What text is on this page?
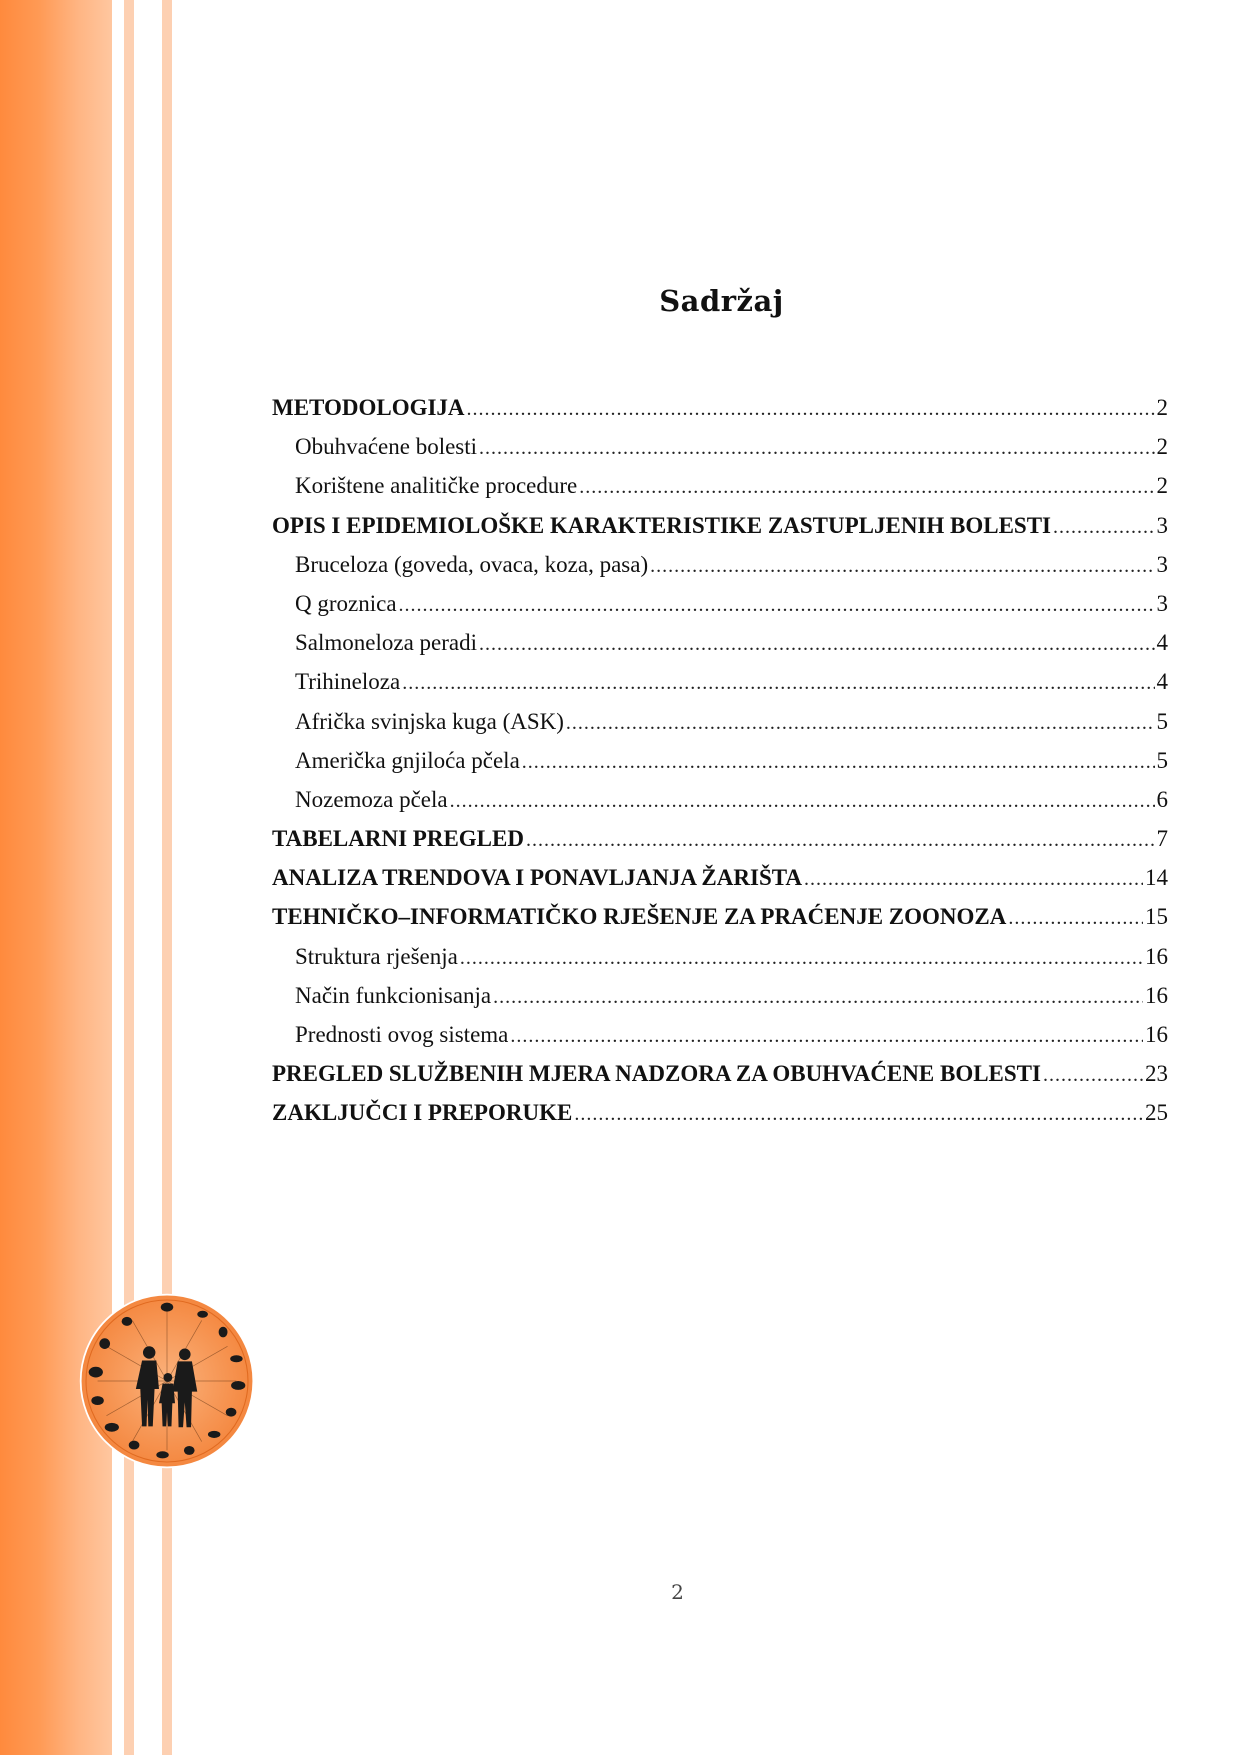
Sadržaj
METODOLOGIJA .....	2
Obuhvaćene bolesti .....	2
Korištene analitičke procedure .....	2
OPIS I EPIDEMIOLOŠKE KARAKTERISTIKE ZASTUPLJENIH BOLESTI .....	3
Bruceloza (goveda, ovaca, koza, pasa) .....	3
Q groznica .....	3
Salmoneloza peradi .....	4
Trihineloza .....	4
Afrička svinjska kuga (ASK) .....	5
Američka gnjiloća pčela .....	5
Nozemoza pčela .....	6
TABELARNI PREGLED .....	7
ANALIZA TRENDOVA I PONAVLJANJA ŽARIŠTA .....	14
TEHNIČKO–INFORMATIČKO RJEŠENJE ZA PRAĆENJE ZOONOZA .....	15
Struktura rješenja .....	16
Način funkcionisanja .....	16
Prednosti ovog sistema .....	16
PREGLED SLUŽBENIH MJERA NADZORA ZA OBUHVAĆENE BOLESTI .....	23
ZAKLJUČCI I PREPORUKE .....	25
2
